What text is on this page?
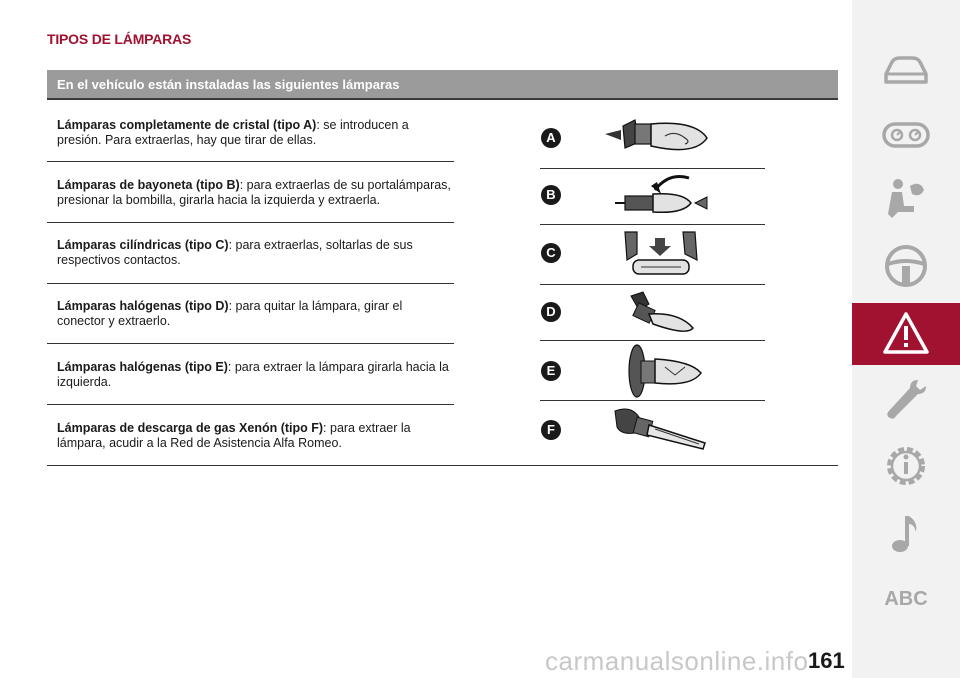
TIPOS DE LÁMPARAS
En el vehículo están instaladas las siguientes lámparas
Lámparas completamente de cristal (tipo A): se introducen a presión. Para extraerlas, hay que tirar de ellas.
Lámparas de bayoneta (tipo B): para extraerlas de su portalámparas, presionar la bombilla, girarla hacia la izquierda y extraerla.
Lámparas cilíndricas (tipo C): para extraerlas, soltarlas de sus respectivos contactos.
Lámparas halógenas (tipo D): para quitar la lámpara, girar el conector y extraerlo.
Lámparas halógenas (tipo E): para extraer la lámpara girarla hacia la izquierda.
Lámparas de descarga de gas Xenón (tipo F): para extraer la lámpara, acudir a la Red de Asistencia Alfa Romeo.
A
B
C
D
E
F
ABC
carmanualsonline.info 161
